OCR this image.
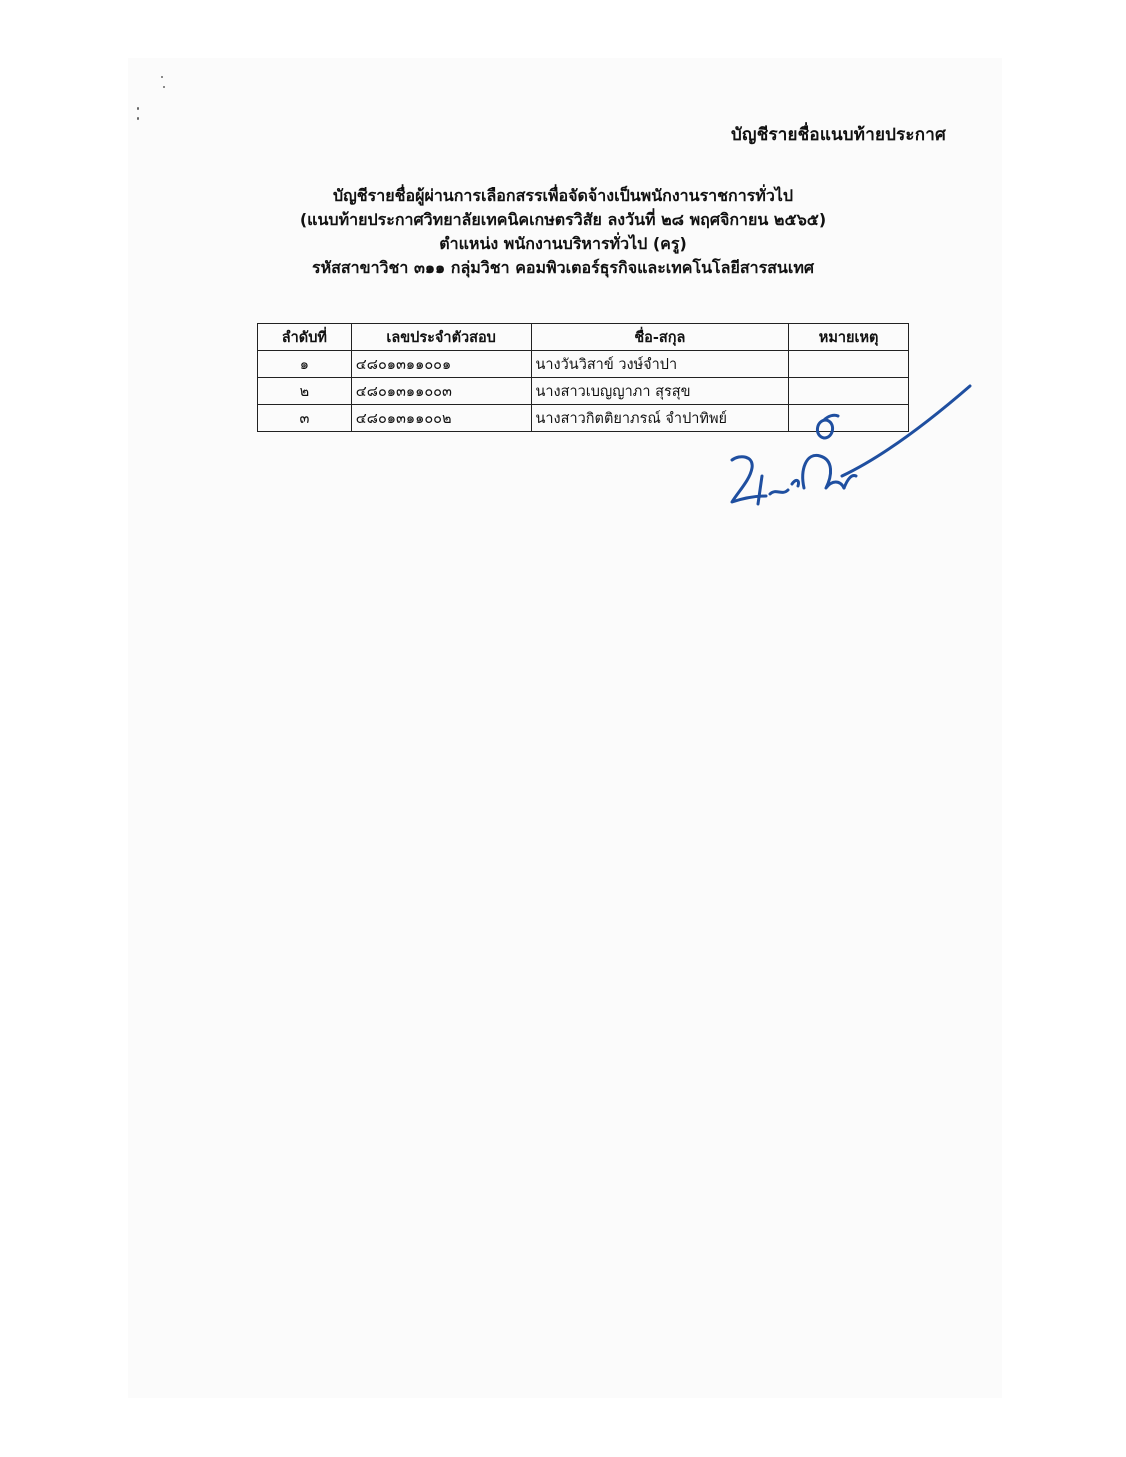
บัญชีรายชื่อแนบท้ายประกาศ
บัญชีรายชื่อผู้ผ่านการเลือกสรรเพื่อจัดจ้างเป็นพนักงานราชการทั่วไป
(แนบท้ายประกาศวิทยาลัยเทคนิคเกษตรวิสัย ลงวันที่ ๒๘ พฤศจิกายน ๒๕๖๕)
ตำแหน่ง พนักงานบริหารทั่วไป (ครู)
รหัสสาขาวิชา ๓๑๑ กลุ่มวิชา คอมพิวเตอร์ธุรกิจและเทคโนโลยีสารสนเทศ
ลำดับที่	เลขประจำตัวสอบ	ชื่อ-สกุล	หมายเหตุ
๑	๔๘๐๑๓๑๑๐๐๑	นางวันวิสาข์ วงษ์จำปา	
๒	๔๘๐๑๓๑๑๐๐๓	นางสาวเบญญาภา สุรสุข	
๓	๔๘๐๑๓๑๑๐๐๒	นางสาวกิตติยาภรณ์ จำปาทิพย์	
